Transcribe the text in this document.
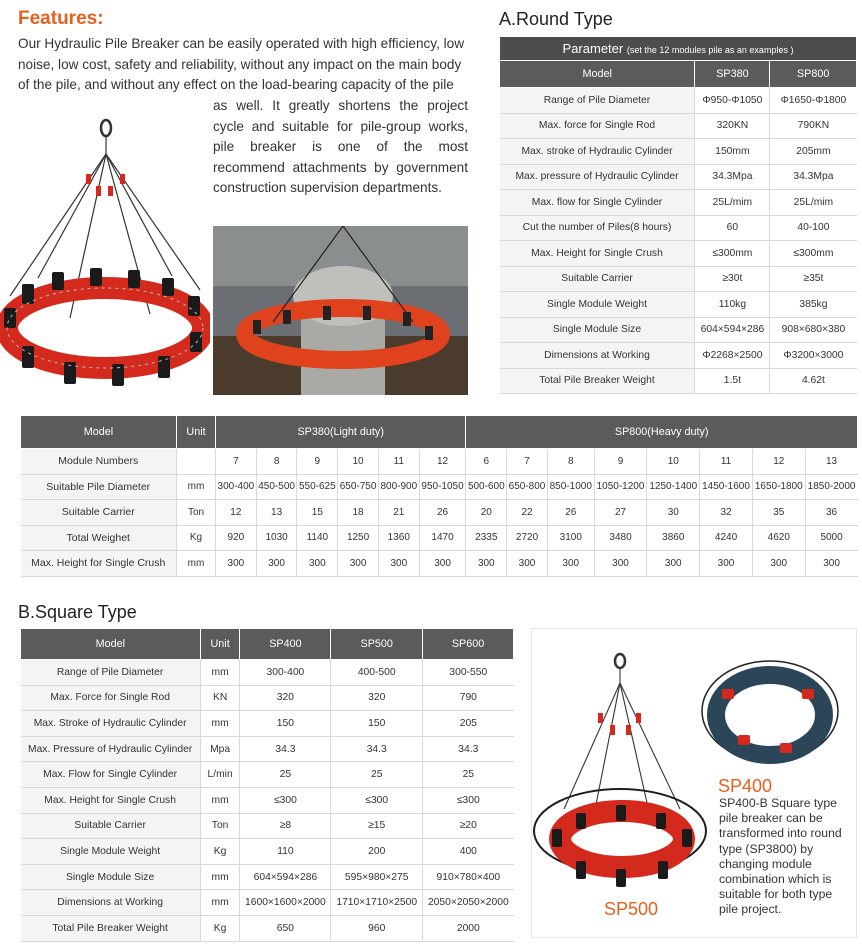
Features:
Our Hydraulic Pile Breaker can be easily operated with high efficiency, low noise, low cost, safety and reliability, without any impact on the main body of the pile, and without any effect on the load-bearing capacity of the pile
as well. It greatly shortens the project cycle and suitable for pile-group works, pile breaker is one of the most recommend attachments by government construction supervision departments.
A.Round Type
Parameter (set the 12 modules pile as an examples )		
Model	SP380	SP800
Range of Pile Diameter	Φ950-Φ1050	Φ1650-Φ1800
Max. force for Single Rod	320KN	790KN
Max. stroke of Hydraulic Cylinder	150mm	205mm
Max. pressure of Hydraulic Cylinder	34.3Mpa	34.3Mpa
Max. flow for Single Cylinder	25L/mim	25L/mim
Cut the number of Piles(8 hours)	60	40-100
Max. Height for Single Crush	≤300mm	≤300mm
Suitable Carrier	≥30t	≥35t
Single Module Weight	110kg	385kg
Single Module Size	604×594×286	908×680×380
Dimensions at Working	Φ2268×2500	Φ3200×3000
Total Pile Breaker Weight	1.5t	4.62t
Model	Unit	SP380(Light duty)						SP800(Heavy duty)							
Module Numbers		7	8	9	10	11	12	6	7	8	9	10	11	12	13
Suitable Pile Diameter	mm	300-400	450-500	550-625	650-750	800-900	950-1050	500-600	650-800	850-1000	1050-1200	1250-1400	1450-1600	1650-1800	1850-2000
Suitable Carrier	Ton	12	13	15	18	21	26	20	22	26	27	30	32	35	36
Total Weighet	Kg	920	1030	1140	1250	1360	1470	2335	2720	3100	3480	3860	4240	4620	5000
Max. Height for Single Crush	mm	300	300	300	300	300	300	300	300	300	300	300	300	300	300
B.Square Type
Model	Unit	SP400	SP500	SP600
Range of Pile Diameter	mm	300-400	400-500	300-550
Max. Force for Single Rod	KN	320	320	790
Max. Stroke of Hydraulic Cylinder	mm	150	150	205
Max. Pressure of Hydraulic Cylinder	Mpa	34.3	34.3	34.3
Max. Flow for Single Cylinder	L/min	25	25	25
Max. Height for Single Crush	mm	≤300	≤300	≤300
Suitable Carrier	Ton	≥8	≥15	≥20
Single Module Weight	Kg	110	200	400
Single Module Size	mm	604×594×286	595×980×275	910×780×400
Dimensions at Working	mm	1600×1600×2000	1710×1710×2500	2050×2050×2000
Total Pile Breaker Weight	Kg	650	960	2000
SP400
SP400-B Square type pile breaker can be transformed into round type (SP3800) by changing module combination which is suitable for both type pile project.
SP500
